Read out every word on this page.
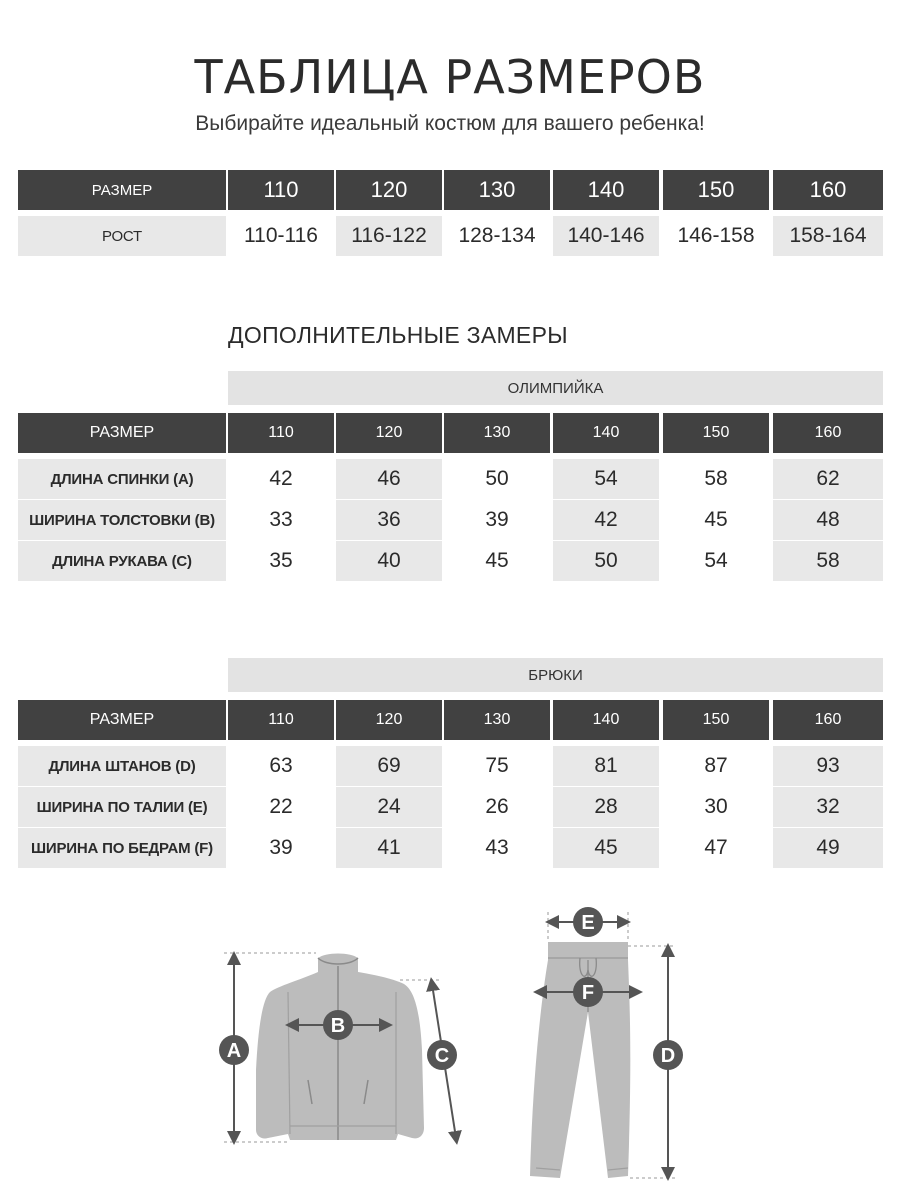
ТАБЛИЦА РАЗМЕРОВ
Выбирайте идеальный костюм для вашего ребенка!
РАЗМЕР	110	120	130	140	150	160
РОСТ	110-116	116-122	128-134	140-146	146-158	158-164
ДОПОЛНИТЕЛЬНЫЕ ЗАМЕРЫ
ОЛИМПИЙКА
РАЗМЕР	110	120	130	140	150	160
ДЛИНА СПИНКИ (A)	42	46	50	54	58	62
ШИРИНА ТОЛСТОВКИ (B)	33	36	39	42	45	48
ДЛИНА РУКАВА (C)	35	40	45	50	54	58
БРЮКИ
РАЗМЕР	110	120	130	140	150	160
ДЛИНА ШТАНОВ (D)	63	69	75	81	87	93
ШИРИНА ПО ТАЛИИ (E)	22	24	26	28	30	32
ШИРИНА ПО БЕДРАМ (F)	39	41	43	45	47	49
A
B
C
E
F
D
